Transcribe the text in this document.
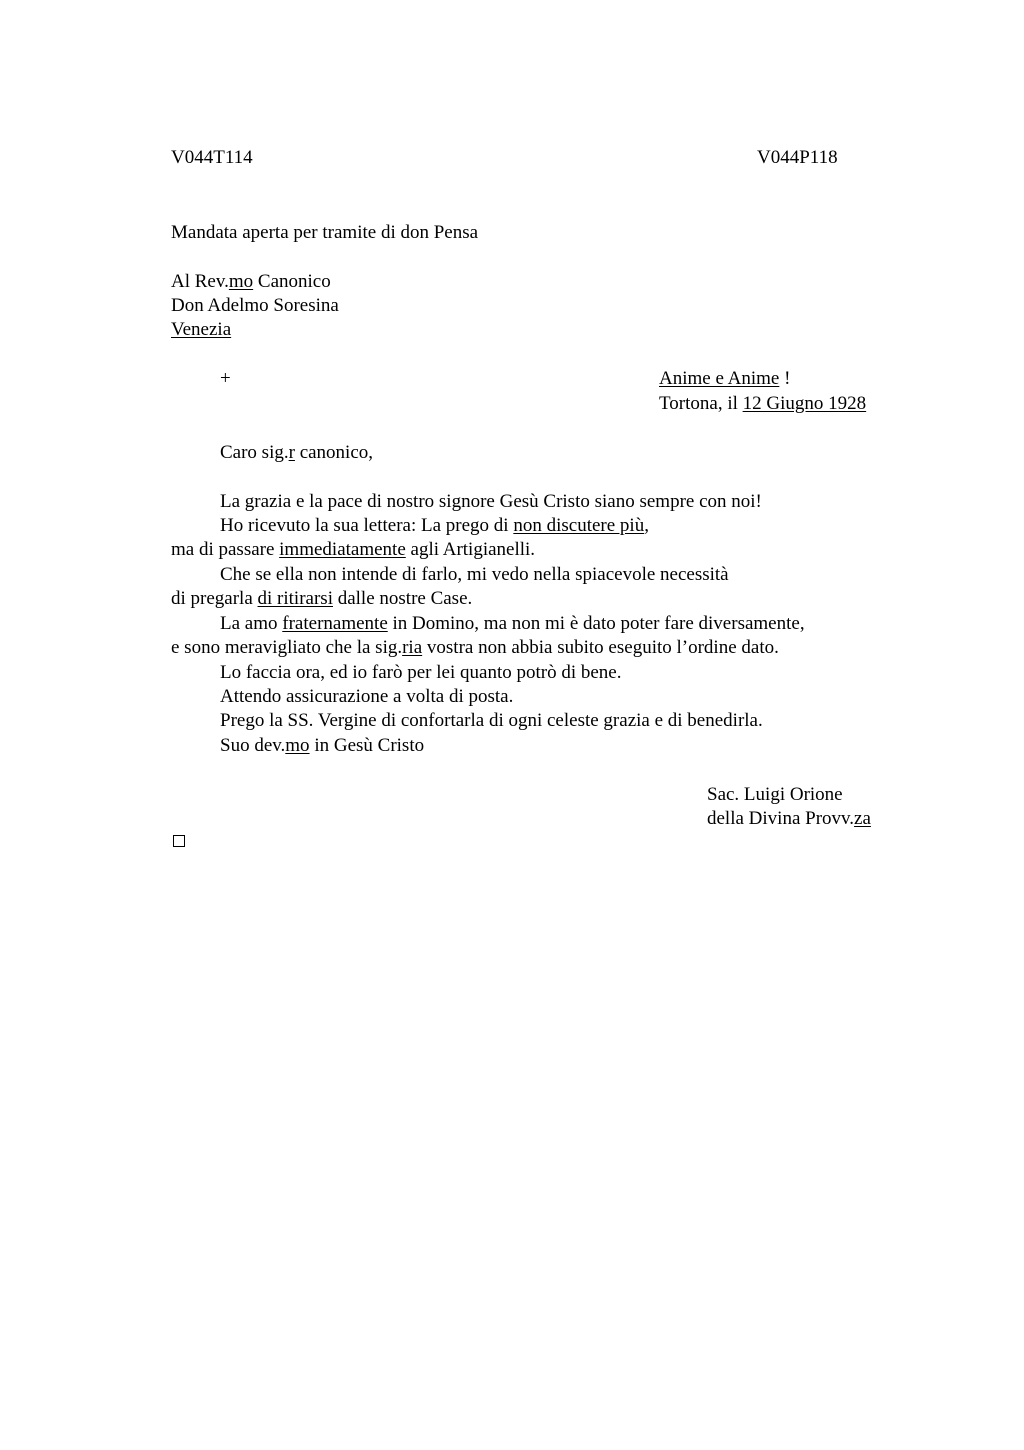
V044T114	V044P118

Mandata aperta per tramite di don Pensa

Al Rev.mo Canonico

Don Adelmo Soresina

Venezia

+	Anime e Anime !

Tortona, il 12 Giugno 1928

Caro sig.r canonico,

La grazia e la pace di nostro signore Gesù Cristo siano sempre con noi!

Ho ricevuto la sua lettera: La prego di non discutere più,

ma di passare immediatamente agli Artigianelli.

Che se ella non intende di farlo, mi vedo nella spiacevole necessità

di pregarla di ritirarsi dalle nostre Case.

La amo fraternamente in Domino, ma non mi è dato poter fare diversamente,

e sono meravigliato che la sig.ria vostra non abbia subito eseguito l’ordine dato.

Lo faccia ora, ed io farò per lei quanto potrò di bene.

Attendo assicurazione a volta di posta.

Prego la SS. Vergine di confortarla di ogni celeste grazia e di benedirla.

Suo dev.mo in Gesù Cristo

Sac. Luigi Orione

della Divina Provv.za
